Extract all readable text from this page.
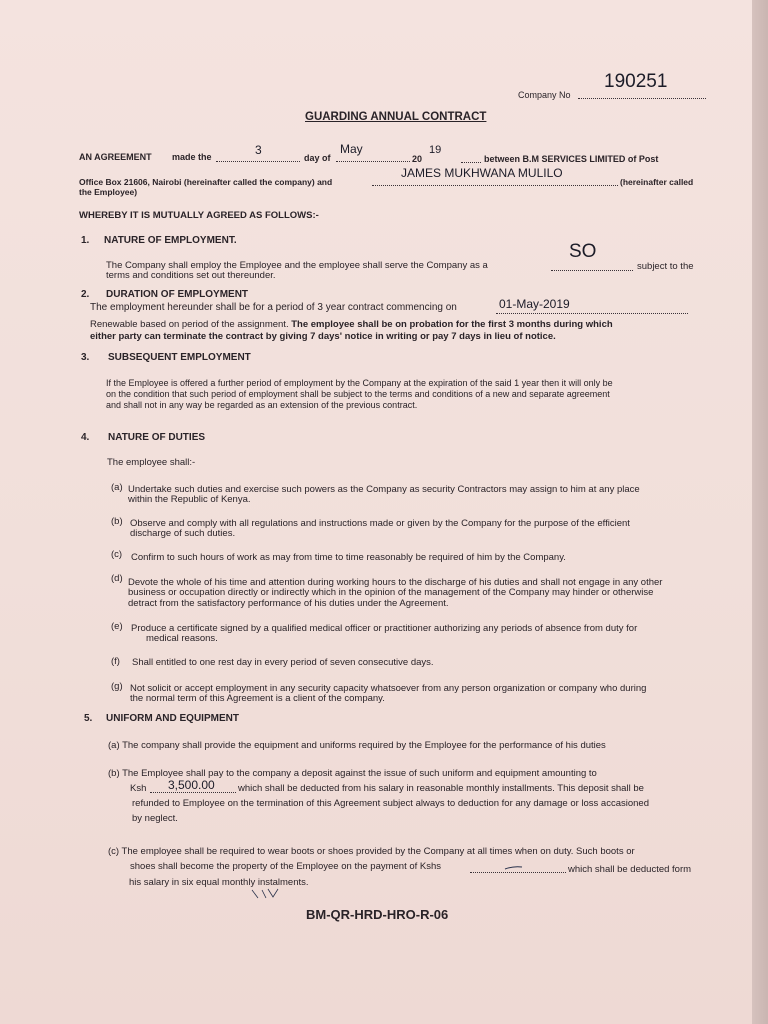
190251
Company No
GUARDING ANNUAL CONTRACT
3	May	19
AN AGREEMENT made the	day of	20	between B.M SERVICES LIMITED of Post
JAMES MUKHWANA MULILO
Office Box 21606, Nairobi (hereinafter called the company) and	(hereinafter called
the Employee)
WHEREBY IT IS MUTUALLY AGREED AS FOLLOWS:-
1. NATURE OF EMPLOYMENT.
SO
The Company shall employ the Employee and the employee shall serve the Company as a	subject to the
terms and conditions set out thereunder.
2. DURATION OF EMPLOYMENT
01-May-2019
The employment hereunder shall be for a period of 3 year contract commencing on
Renewable based on period of the assignment. The employee shall be on probation for the first 3 months during which
either party can terminate the contract by giving 7 days' notice in writing or pay 7 days in lieu of notice.
3. SUBSEQUENT EMPLOYMENT
If the Employee is offered a further period of employment by the Company at the expiration of the said 1 year then it will only be
on the condition that such period of employment shall be subject to the terms and conditions of a new and separate agreement
and shall not in any way be regarded as an extension of the previous contract.
4. NATURE OF DUTIES
The employee shall:-
(a) Undertake such duties and exercise such powers as the Company as security Contractors may assign to him at any place
within the Republic of Kenya.
(b) Observe and comply with all regulations and instructions made or given by the Company for the purpose of the efficient
discharge of such duties.
(c) Confirm to such hours of work as may from time to time reasonably be required of him by the Company.
(d) Devote the whole of his time and attention during working hours to the discharge of his duties and shall not engage in any other
business or occupation directly or indirectly which in the opinion of the management of the Company may hinder or otherwise
detract from the satisfactory performance of his duties under the Agreement.
(e) Produce a certificate signed by a qualified medical officer or practitioner authorizing any periods of absence from duty for
medical reasons.
(f) Shall entitled to one rest day in every period of seven consecutive days.
(g) Not solicit or accept employment in any security capacity whatsoever from any person organization or company who during
the normal term of this Agreement is a client of the company.
5. UNIFORM AND EQUIPMENT
(a) The company shall provide the equipment and uniforms required by the Employee for the performance of his duties
(b) The Employee shall pay to the company a deposit against the issue of such uniform and equipment amounting to
Ksh 3,500.00 which shall be deducted from his salary in reasonable monthly installments. This deposit shall be
refunded to Employee on the termination of this Agreement subject always to deduction for any damage or loss accasioned
by neglect.
(c) The employee shall be required to wear boots or shoes provided by the Company at all times when on duty. Such boots or
shoes shall become the property of the Employee on the payment of Kshs	which shall be deducted form
his salary in six equal monthly instalments.
BM-QR-HRD-HRO-R-06
